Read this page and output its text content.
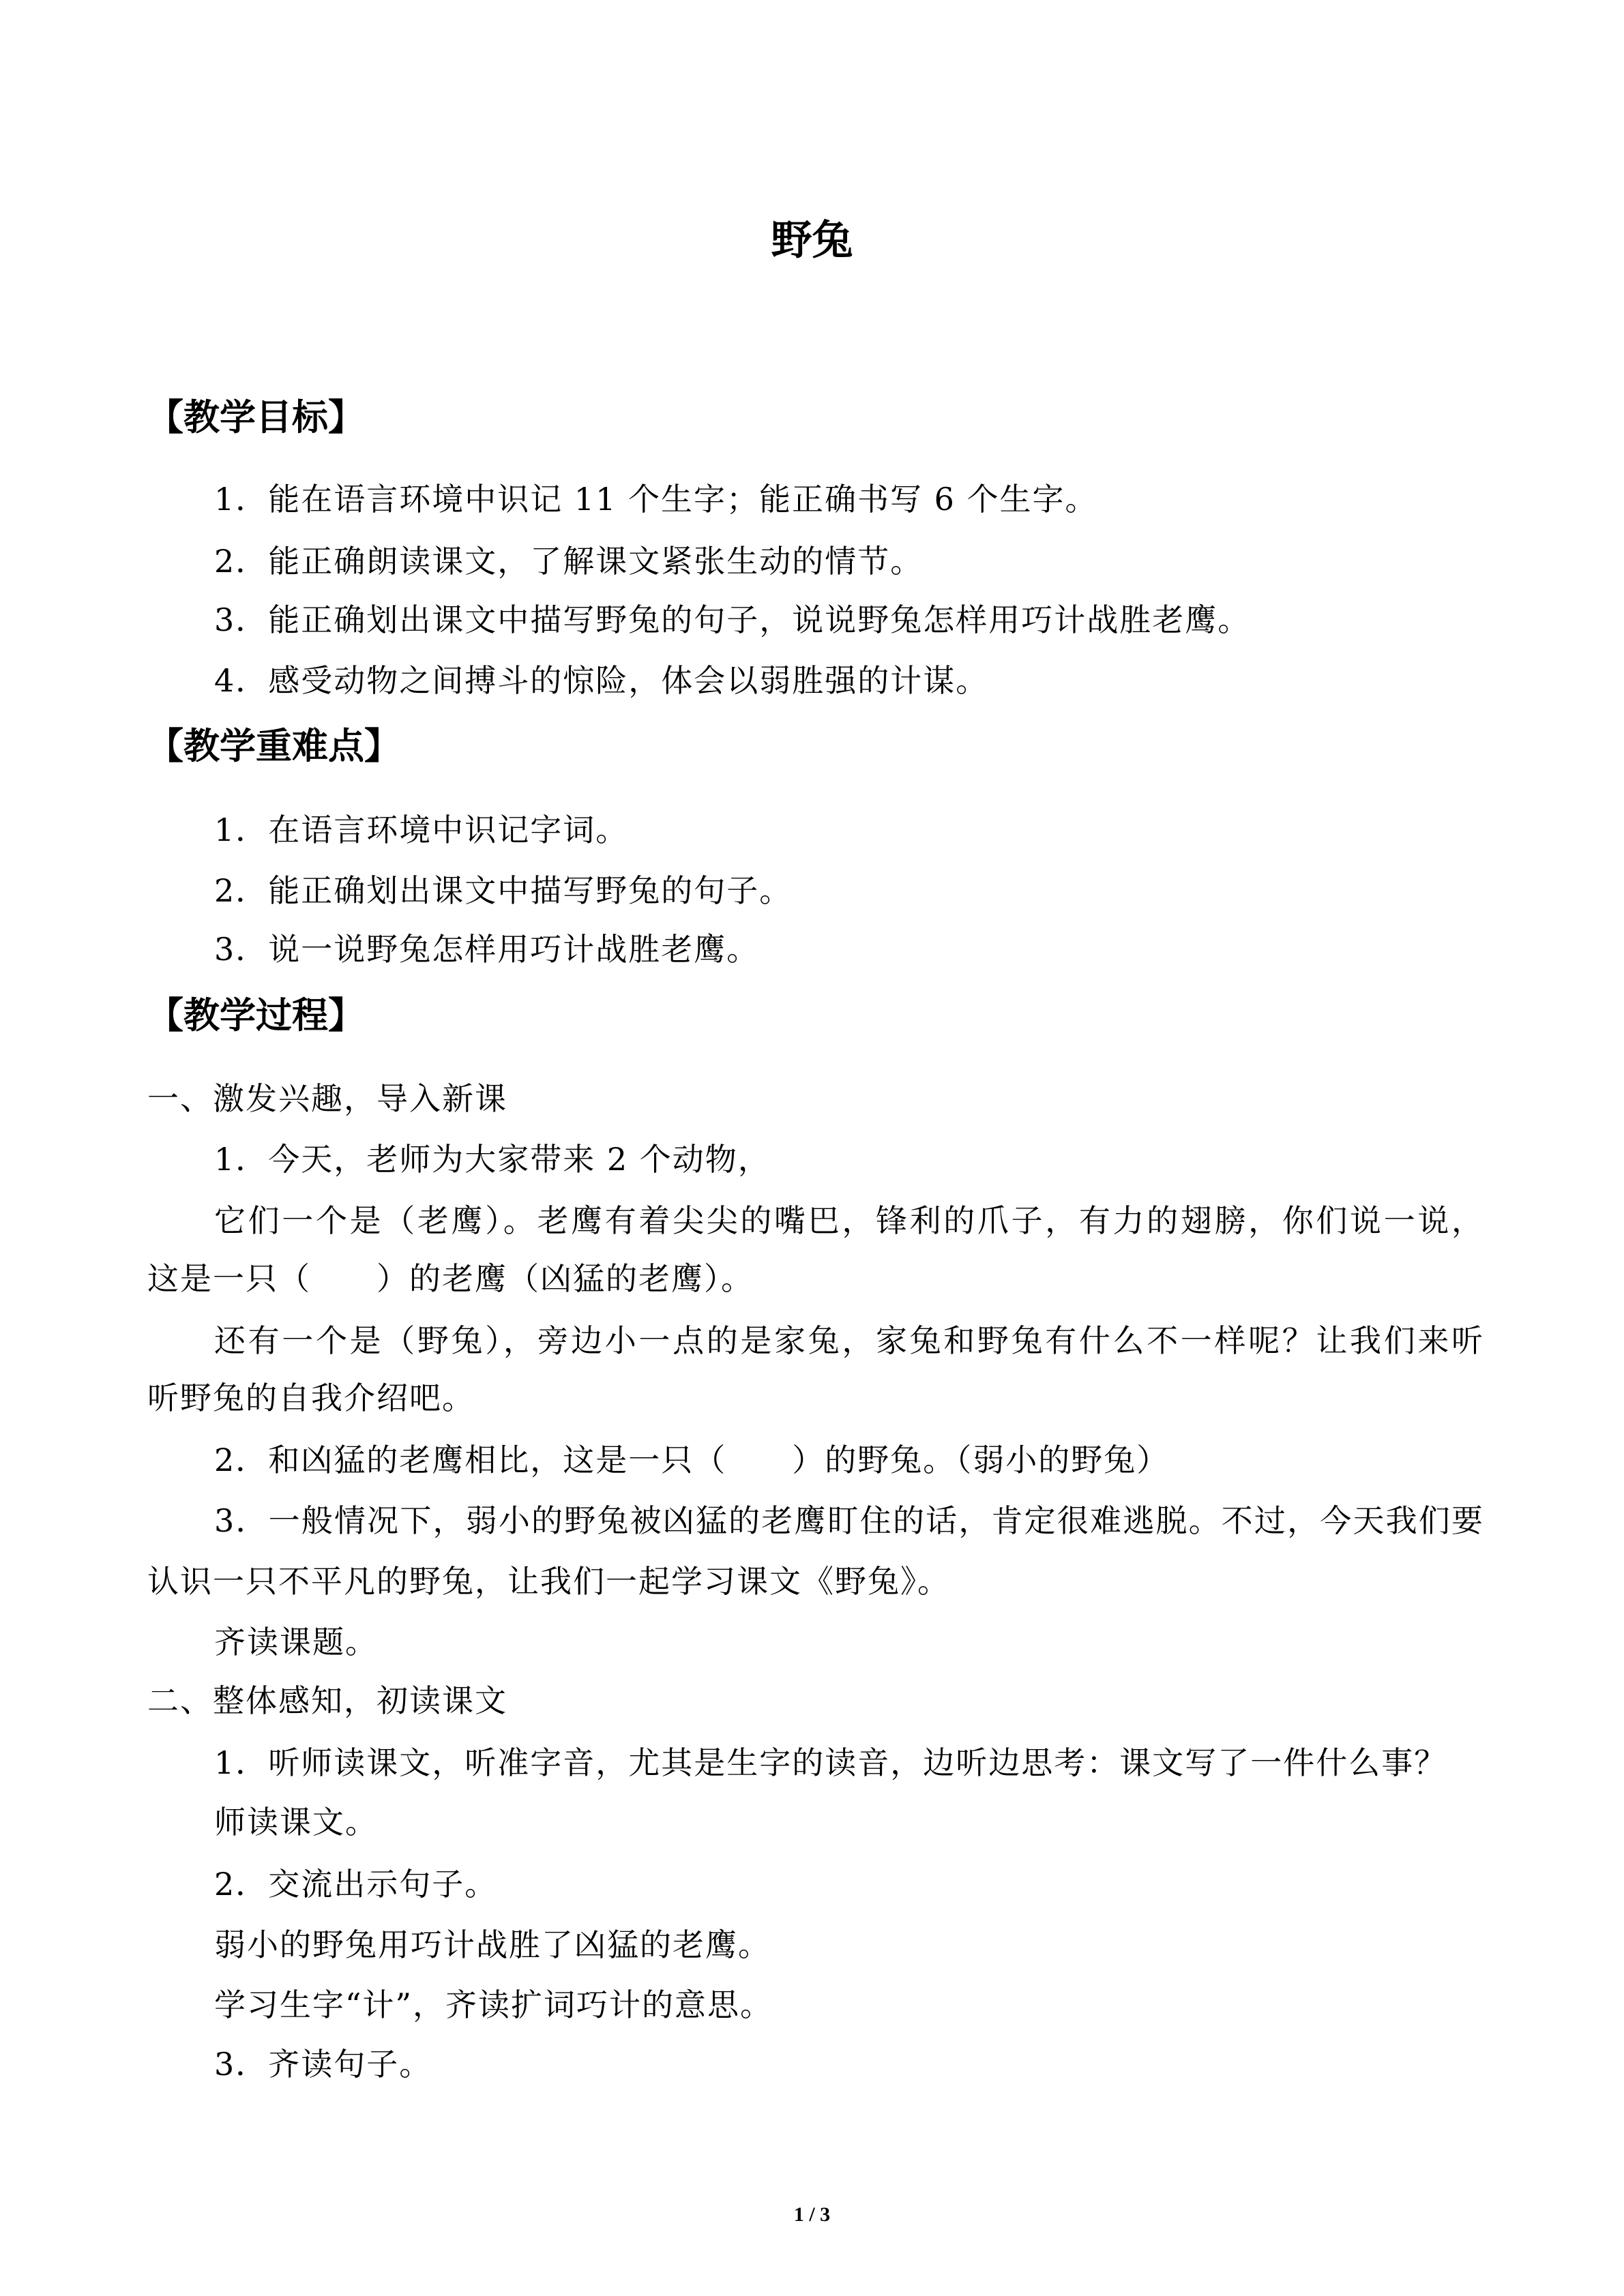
野兔
【教学目标】
1．能在语言环境中识记 11 个生字；能正确书写 6 个生字。
2．能正确朗读课文，了解课文紧张生动的情节。
3．能正确划出课文中描写野兔的句子，说说野兔怎样用巧计战胜老鹰。
4．感受动物之间搏斗的惊险，体会以弱胜强的计谋。
【教学重难点】
1．在语言环境中识记字词。
2．能正确划出课文中描写野兔的句子。
3．说一说野兔怎样用巧计战胜老鹰。
【教学过程】
一、激发兴趣，导入新课
1．今天，老师为大家带来 2 个动物，
它们一个是（老鹰）。老鹰有着尖尖的嘴巴，锋利的爪子，有力的翅膀，你们说一说，
这是一只（　　）的老鹰（凶猛的老鹰）。
还有一个是（野兔），旁边小一点的是家兔，家兔和野兔有什么不一样呢？让我们来听
听野兔的自我介绍吧。
2．和凶猛的老鹰相比，这是一只（　　）的野兔。（弱小的野兔）
3．一般情况下，弱小的野兔被凶猛的老鹰盯住的话，肯定很难逃脱。不过，今天我们要
认识一只不平凡的野兔，让我们一起学习课文《野兔》。
齐读课题。
二、整体感知，初读课文
1．听师读课文，听准字音，尤其是生字的读音，边听边思考：课文写了一件什么事？
师读课文。
2．交流出示句子。
弱小的野兔用巧计战胜了凶猛的老鹰。
学习生字“计”，齐读扩词巧计的意思。
3．齐读句子。
1 / 3
